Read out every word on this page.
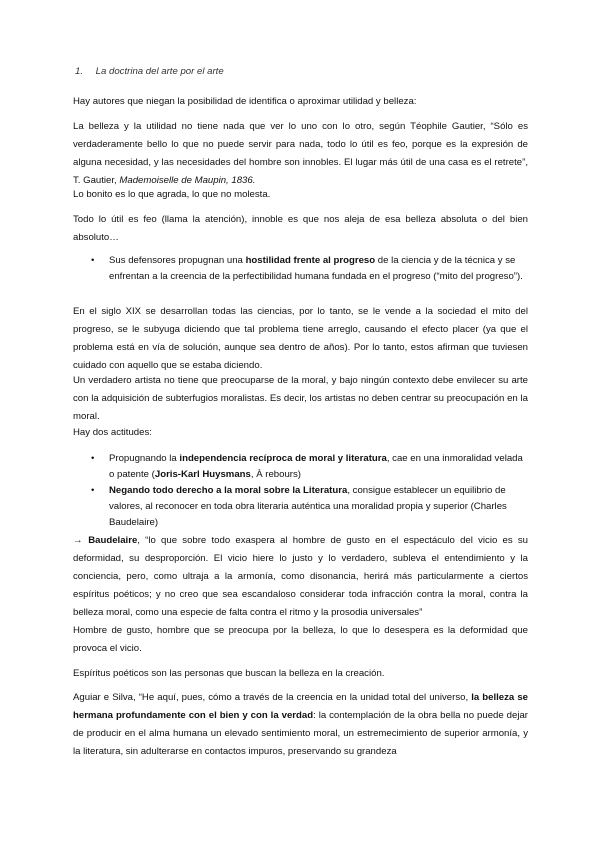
1. La doctrina del arte por el arte

Hay autores que niegan la posibilidad de identifica o aproximar utilidad y belleza:

La belleza y la utilidad no tiene nada que ver lo uno con lo otro, según Téophile Gautier, “Sólo es verdaderamente bello lo que no puede servir para nada, todo lo útil es feo, porque es la expresión de alguna necesidad, y las necesidades del hombre son innobles. El lugar más útil de una casa es el retrete”, T. Gautier, Mademoiselle de Maupin, 1836.

Lo bonito es lo que agrada, lo que no molesta.

Todo lo útil es feo (llama la atención), innoble es que nos aleja de esa belleza absoluta o del bien absoluto…

• Sus defensores propugnan una hostilidad frente al progreso de la ciencia y de la técnica y se enfrentan a la creencia de la perfectibilidad humana fundada en el progreso (“mito del progreso”).

En el siglo XIX se desarrollan todas las ciencias, por lo tanto, se le vende a la sociedad el mito del progreso, se le subyuga diciendo que tal problema tiene arreglo, causando el efecto placer (ya que el problema está en vía de solución, aunque sea dentro de años). Por lo tanto, estos afirman que tuviesen cuidado con aquello que se estaba diciendo.

Un verdadero artista no tiene que preocuparse de la moral, y bajo ningún contexto debe envilecer su arte con la adquisición de subterfugios moralistas. Es decir, los artistas no deben centrar su preocupación en la moral.

Hay dos actitudes:

• Propugnando la independencia recíproca de moral y literatura, cae en una inmoralidad velada o patente (Joris-Karl Huysmans, À rebours)
• Negando todo derecho a la moral sobre la Literatura, consigue establecer un equilibrio de valores, al reconocer en toda obra literaria auténtica una moralidad propia y superior (Charles Baudelaire)

→ Baudelaire, “lo que sobre todo exaspera al hombre de gusto en el espectáculo del vicio es su deformidad, su desproporción. El vicio hiere lo justo y lo verdadero, subleva el entendimiento y la conciencia, pero, como ultraja a la armonía, como disonancia, herirá más particularmente a ciertos espíritus poéticos; y no creo que sea escandaloso considerar toda infracción contra la moral, contra la belleza moral, como una especie de falta contra el ritmo y la prosodia universales”

Hombre de gusto, hombre que se preocupa por la belleza, lo que lo desespera es la deformidad que provoca el vicio.

Espíritus poéticos son las personas que buscan la belleza en la creación.

Aguiar e Silva, “He aquí, pues, cómo a través de la creencia en la unidad total del universo, la belleza se hermana profundamente con el bien y con la verdad: la contemplación de la obra bella no puede dejar de producir en el alma humana un elevado sentimiento moral, un estremecimiento de superior armonía, y la literatura, sin adulterarse en contactos impuros, preservando su grandeza
